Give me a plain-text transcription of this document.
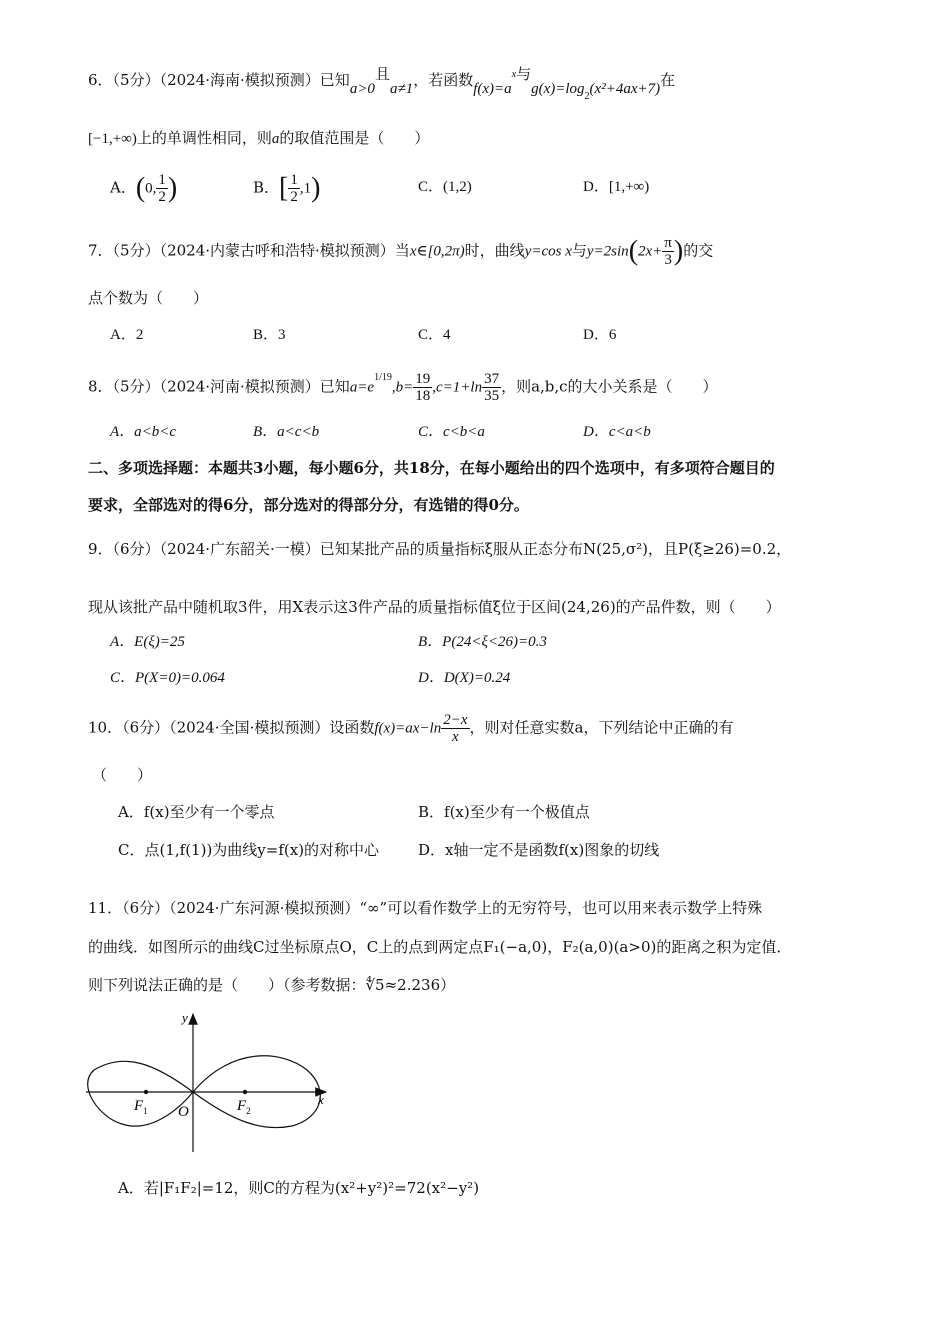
6．（5分）（2024·海南·模拟预测）已知a>0且a≠1，若函数$f(x)=a^x$与$g(x)=\log_2(x^2+4ax+7)$在
[−1,+∞)上的单调性相同，则a的取值范围是（　　）
A．(0, $\frac{1}{2}$ )	B．[ $\frac{1}{2} ,1$)	C．(1,2)	D．[1,+∞)
7．（5分）（2024·内蒙古呼和浩特·模拟预测）当x∈[0,2π)时，曲线y=cos x与$y=2\sin(2x+ \frac{\pi}{3}$ )的交
点个数为（　　）
A．2	B．3	C．4	D．6
8．（5分）（2024·河南·模拟预测）已知$a=e^{1/19},b= \frac{19}{18} ,c=1+\ln \frac{37}{35}$ ，则a,b,c的大小关系是（　　）
A．a<b<c	B．a<c<b	C．c<b<a	D．c<a<b
二、多项选择题：本题共3小题，每小题6分，共18分，在每小题给出的四个选项中，有多项符合题目的
要求，全部选对的得6分，部分选对的得部分分，有选错的得0分。
9．（6分）（2024·广东韶关·一模）已知某批产品的质量指标ξ服从正态分布N(25,σ²)，且P(ξ≥26)=0.2，
现从该批产品中随机取3件，用X表示这3件产品的质量指标值ξ位于区间(24,26)的产品件数，则（　　）
A．E(ξ)=25	B．P(24<ξ<26)=0.3
C．P(X=0)=0.064	D．D(X)=0.24
10．（6分）（2024·全国·模拟预测）设函数$f(x)=ax-\ln \frac{2-x}{x}$ ，则对任意实数a，下列结论中正确的有
（　　）
A．f(x)至少有一个零点	B．f(x)至少有一个极值点
C．点(1,f(1))为曲线y=f(x)的对称中心	D．x轴一定不是函数f(x)图象的切线
11．（6分）（2024·广东河源·模拟预测）“∞”可以看作数学上的无穷符号，也可以用来表示数学上特殊
的曲线．如图所示的曲线C过坐标原点O，C上的点到两定点F₁(−a,0)，F₂(a,0)(a>0)的距离之积为定值．
则下列说法正确的是（　　）（参考数据：∜5≈2.236）
y
x
O
$F_1$	$F_2$
A．若|F₁F₂|=12，则C的方程为(x²+y²)²=72(x²−y²)
